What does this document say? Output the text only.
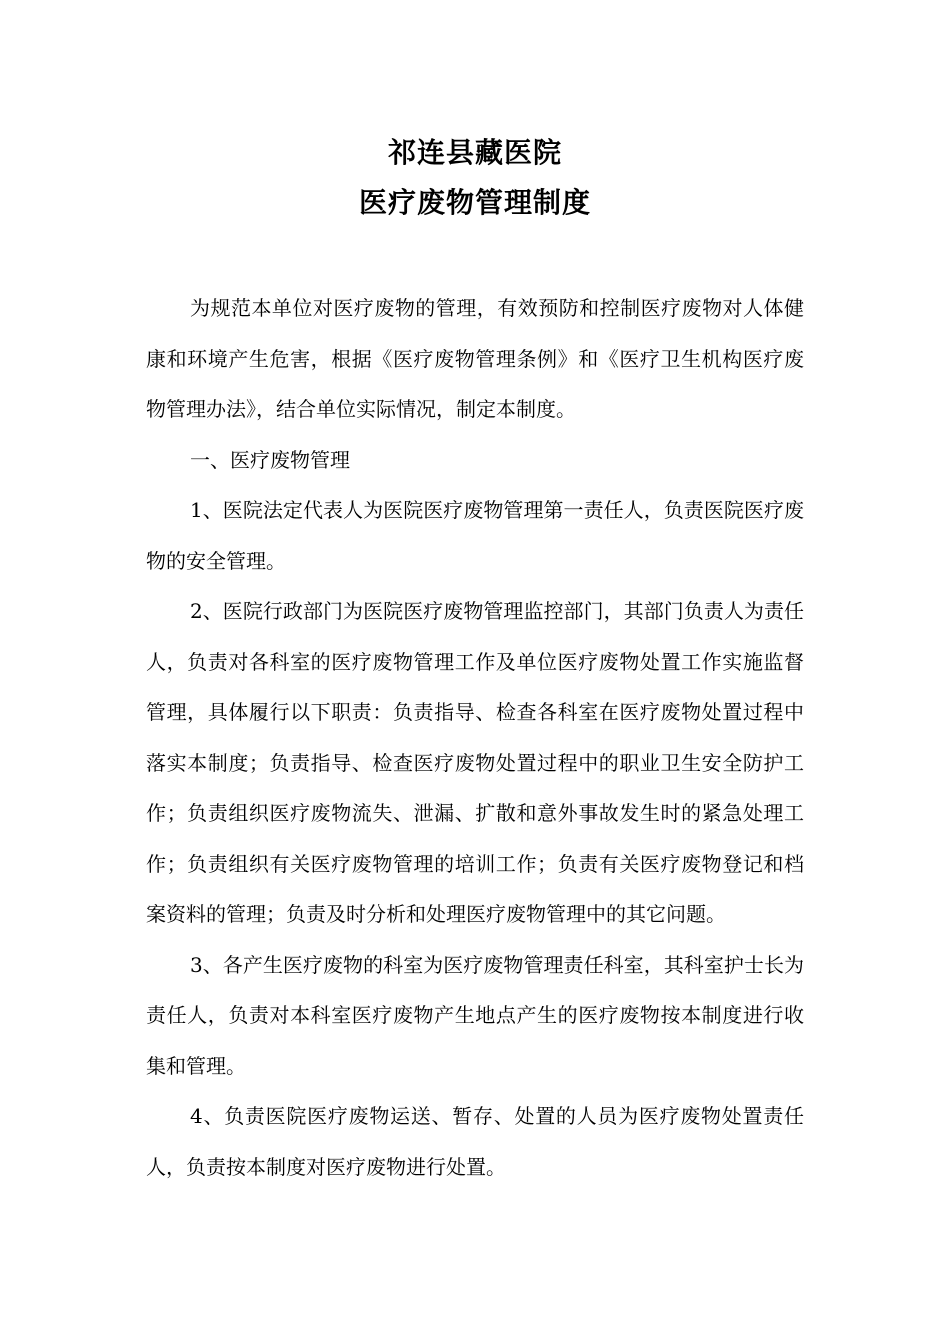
祁连县藏医院
医疗废物管理制度

为规范本单位对医疗废物的管理，有效预防和控制医疗废物对人体健康和环境产生危害，根据《医疗废物管理条例》和《医疗卫生机构医疗废物管理办法》，结合单位实际情况，制定本制度。

一、医疗废物管理

1、医院法定代表人为医院医疗废物管理第一责任人，负责医院医疗废物的安全管理。

2、医院行政部门为医院医疗废物管理监控部门，其部门负责人为责任人，负责对各科室的医疗废物管理工作及单位医疗废物处置工作实施监督管理，具体履行以下职责：负责指导、检查各科室在医疗废物处置过程中落实本制度；负责指导、检查医疗废物处置过程中的职业卫生安全防护工作；负责组织医疗废物流失、泄漏、扩散和意外事故发生时的紧急处理工作；负责组织有关医疗废物管理的培训工作；负责有关医疗废物登记和档案资料的管理；负责及时分析和处理医疗废物管理中的其它问题。

3、各产生医疗废物的科室为医疗废物管理责任科室，其科室护士长为责任人，负责对本科室医疗废物产生地点产生的医疗废物按本制度进行收集和管理。

4、负责医院医疗废物运送、暂存、处置的人员为医疗废物处置责任人，负责按本制度对医疗废物进行处置。
